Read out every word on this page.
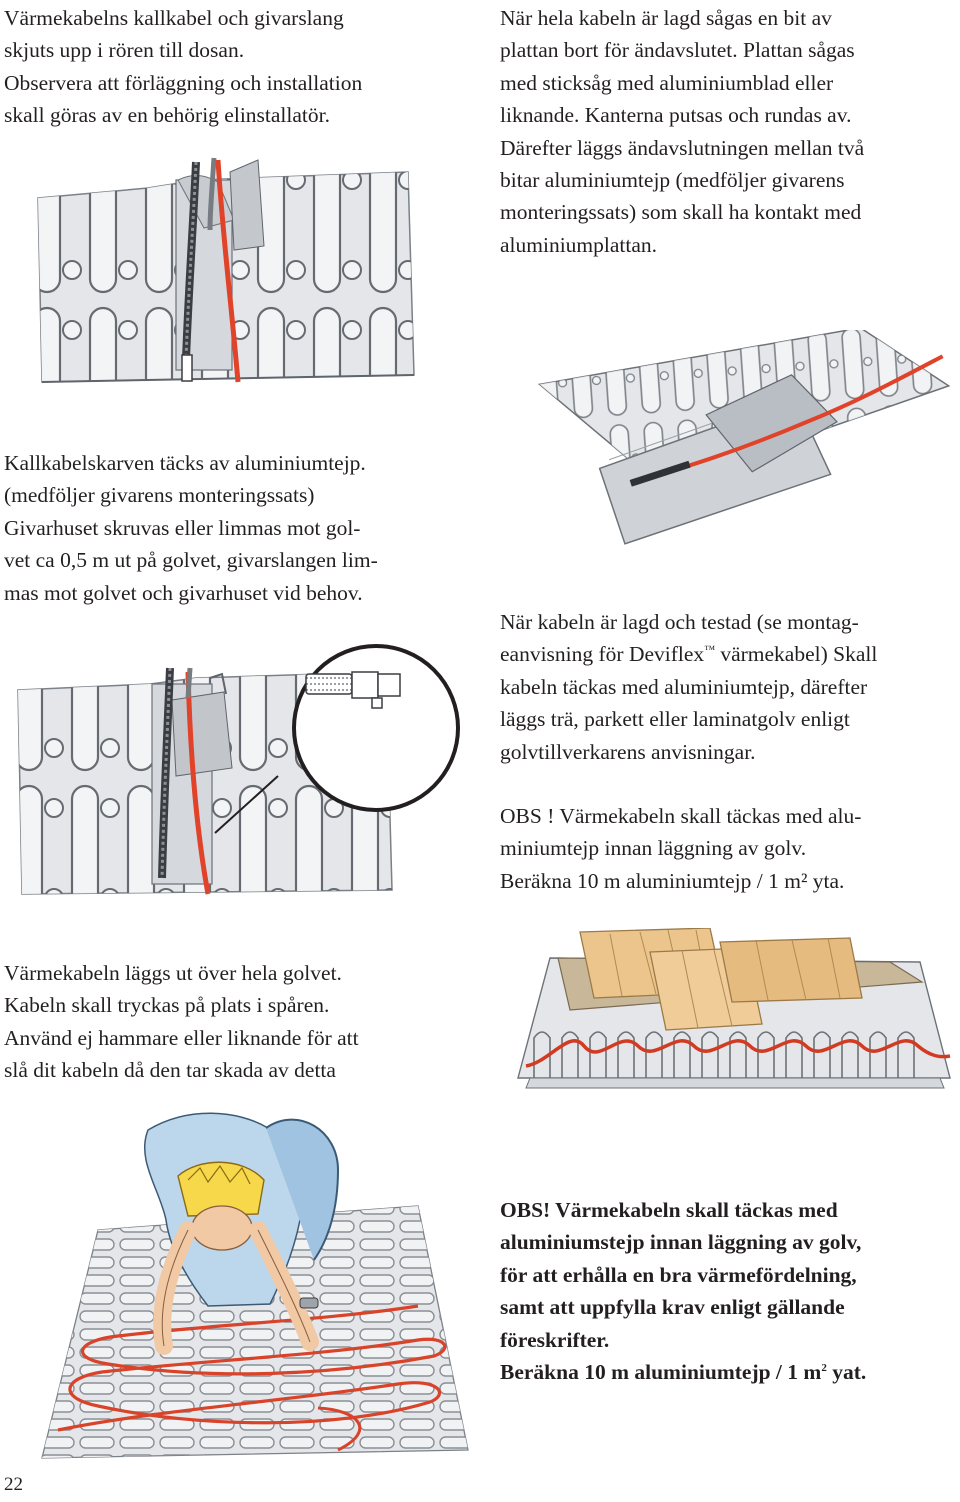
Värmekabelns kallkabel och givarslang
skjuts upp i rören till dosan.
Observera att förläggning och installation
skall göras av en behörig elinstallatör.
När hela kabeln är lagd sågas en bit av
plattan bort för ändavslutet. Plattan sågas
med sticksåg med aluminiumblad eller
liknande. Kanterna putsas och rundas av.
Därefter läggs ändavslutningen mellan två
bitar aluminiumtejp (medföljer givarens
monteringssats) som skall ha kontakt med
aluminiumplattan.
Kallkabelskarven täcks av aluminiumtejp.
(medföljer givarens monteringssats)
Givarhuset skruvas eller limmas mot gol-
vet ca 0,5 m ut på golvet, givarslangen lim-
mas mot golvet och givarhuset vid behov.
När kabeln är lagd och testad (se montag-
eanvisning för Deviflex™ värmekabel) Skall
kabeln täckas med aluminiumtejp, därefter
läggs trä, parkett eller laminatgolv enligt
golvtillverkarens anvisningar.
OBS ! Värmekabeln skall täckas med alu-
miniumtejp innan läggning av golv.
Beräkna 10 m aluminiumtejp / 1 m² yta.
Värmekabeln läggs ut över hela golvet.
Kabeln skall tryckas på plats i spåren.
Använd ej hammare eller liknande för att
slå dit kabeln då den tar skada av detta
OBS! Värmekabeln skall täckas med
aluminiumstejp innan läggning av golv,
för att erhålla en bra värmefördelning,
samt att uppfylla krav enligt gällande
föreskrifter.
Beräkna 10 m aluminiumtejp / 1 $m^2$ yat.
22
